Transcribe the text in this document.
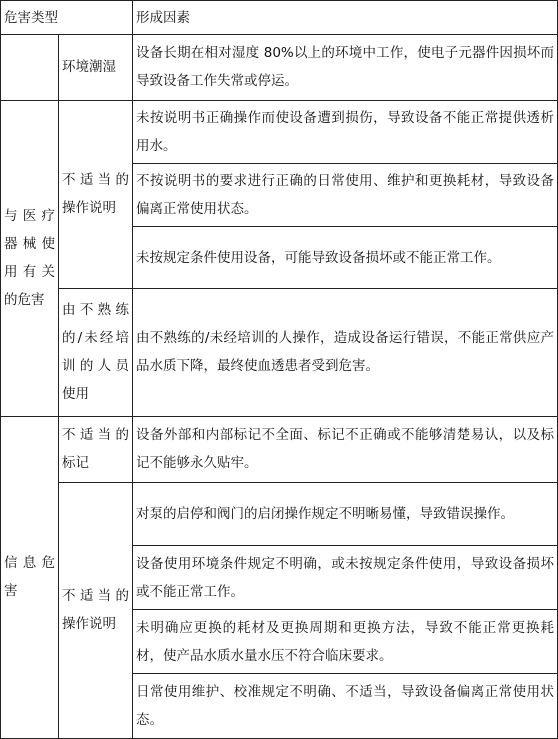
危害类型		形成因素
	环境潮湿	设备长期在相对湿度 80%以上的环境中工作，使电子元器件因损坏而导致设备工作失常或停运。
与医疗器械使用有关的危害	不适当的操作说明	未按说明书正确操作而使设备遭到损伤，导致设备不能正常提供透析用水。
		不按说明书的要求进行正确的日常使用、维护和更换耗材，导致设备偏离正常使用状态。
		未按规定条件使用设备，可能导致设备损坏或不能正常工作。
	由不熟练的/未经培训的人员使用	由不熟练的/未经培训的人操作，造成设备运行错误，不能正常供应产品水质下降，最终使血透患者受到危害。
信息危害	不适当的标记	设备外部和内部标记不全面、标记不正确或不能够清楚易认，以及标记不能够永久贴牢。
	不适当的操作说明	对泵的启停和阀门的启闭操作规定不明晰易懂，导致错误操作。
		设备使用环境条件规定不明确，或未按规定条件使用，导致设备损坏或不能正常工作。
		未明确应更换的耗材及更换周期和更换方法，导致不能正常更换耗材，使产品水质水量水压不符合临床要求。
		日常使用维护、校准规定不明确、不适当，导致设备偏离正常使用状态。
